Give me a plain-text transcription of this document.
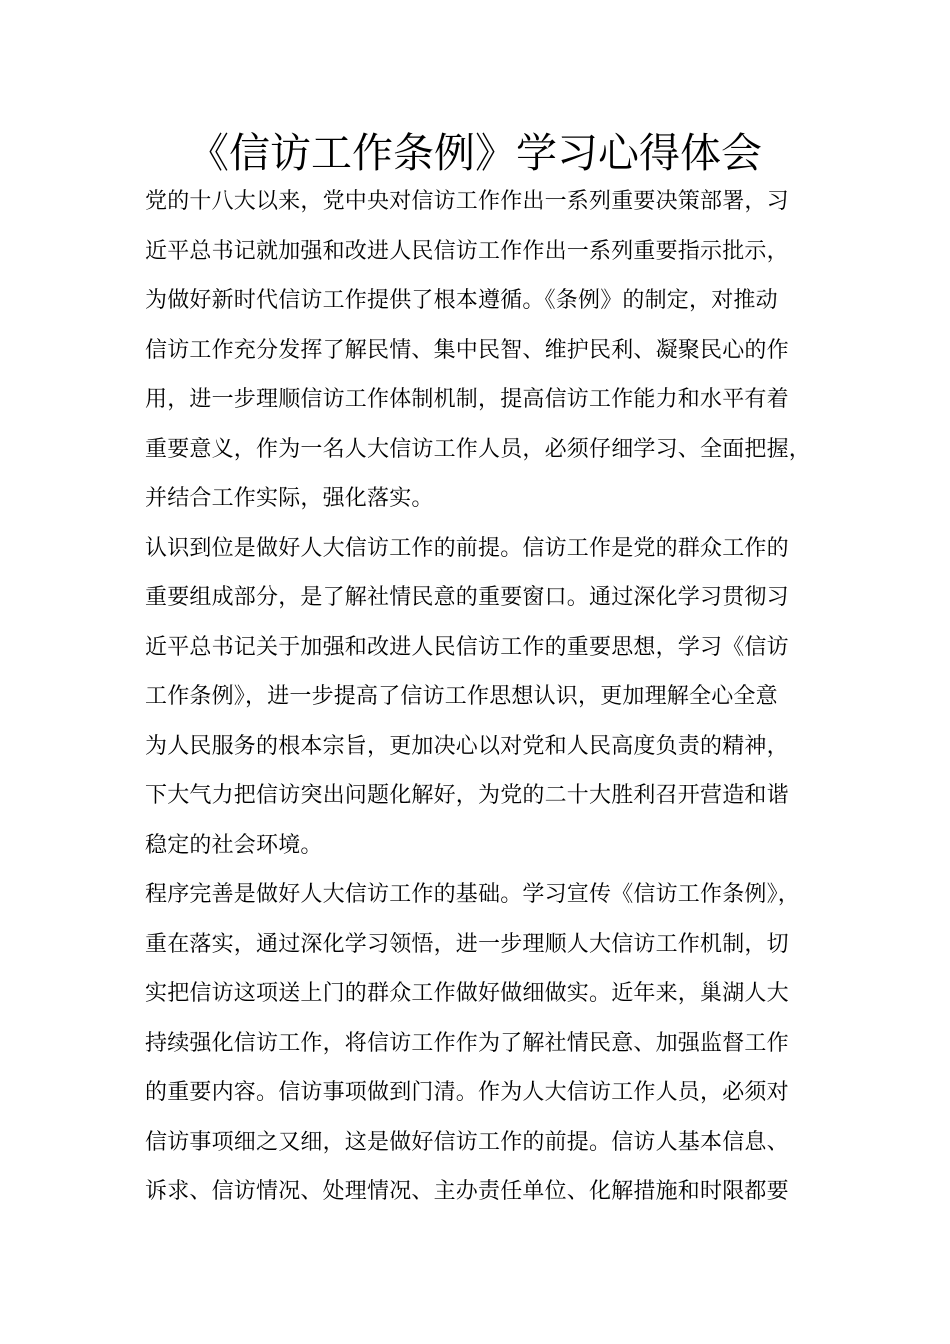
《信访工作条例》学习心得体会
党的十八大以来，党中央对信访工作作出一系列重要决策部署，习
近平总书记就加强和改进人民信访工作作出一系列重要指示批示，
为做好新时代信访工作提供了根本遵循。《条例》的制定，对推动
信访工作充分发挥了解民情、集中民智、维护民利、凝聚民心的作
用，进一步理顺信访工作体制机制，提高信访工作能力和水平有着
重要意义，作为一名人大信访工作人员，必须仔细学习、全面把握，
并结合工作实际，强化落实。
认识到位是做好人大信访工作的前提。信访工作是党的群众工作的
重要组成部分，是了解社情民意的重要窗口。通过深化学习贯彻习
近平总书记关于加强和改进人民信访工作的重要思想，学习《信访
工作条例》，进一步提高了信访工作思想认识，更加理解全心全意
为人民服务的根本宗旨，更加决心以对党和人民高度负责的精神，
下大气力把信访突出问题化解好，为党的二十大胜利召开营造和谐
稳定的社会环境。
程序完善是做好人大信访工作的基础。学习宣传《信访工作条例》，
重在落实，通过深化学习领悟，进一步理顺人大信访工作机制，切
实把信访这项送上门的群众工作做好做细做实。近年来，巢湖人大
持续强化信访工作，将信访工作作为了解社情民意、加强监督工作
的重要内容。信访事项做到门清。作为人大信访工作人员，必须对
信访事项细之又细，这是做好信访工作的前提。信访人基本信息、
诉求、信访情况、处理情况、主办责任单位、化解措施和时限都要
